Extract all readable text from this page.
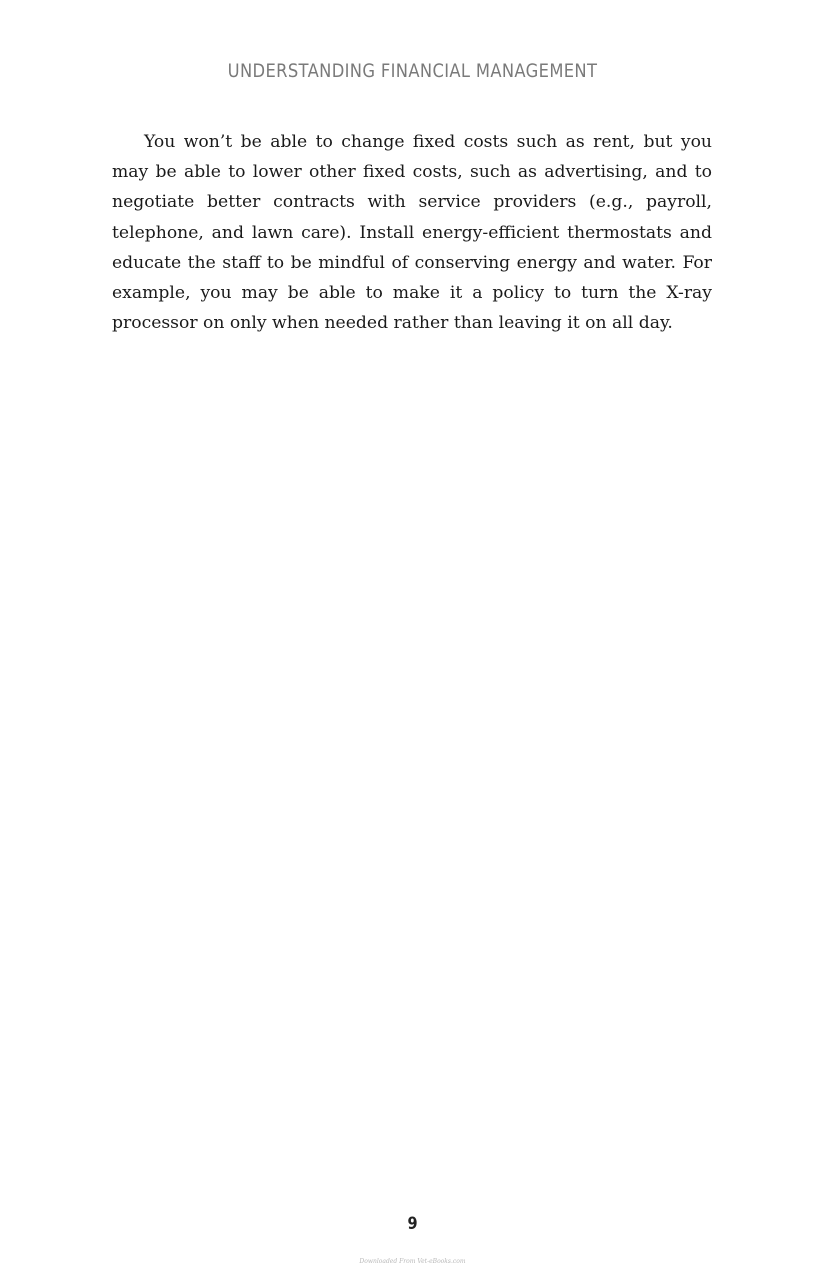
UNDERSTANDING FINANCIAL MANAGEMENT

You won’t be able to change fixed costs such as rent, but you may be able to lower other fixed costs, such as advertising, and to negotiate better contracts with service providers (e.g., payroll, telephone, and lawn care). Install energy-efficient thermostats and educate the staff to be mindful of conserving energy and water. For example, you may be able to make it a policy to turn the X-ray processor on only when needed rather than leaving it on all day.

9
Downloaded From Vet-eBooks.com
